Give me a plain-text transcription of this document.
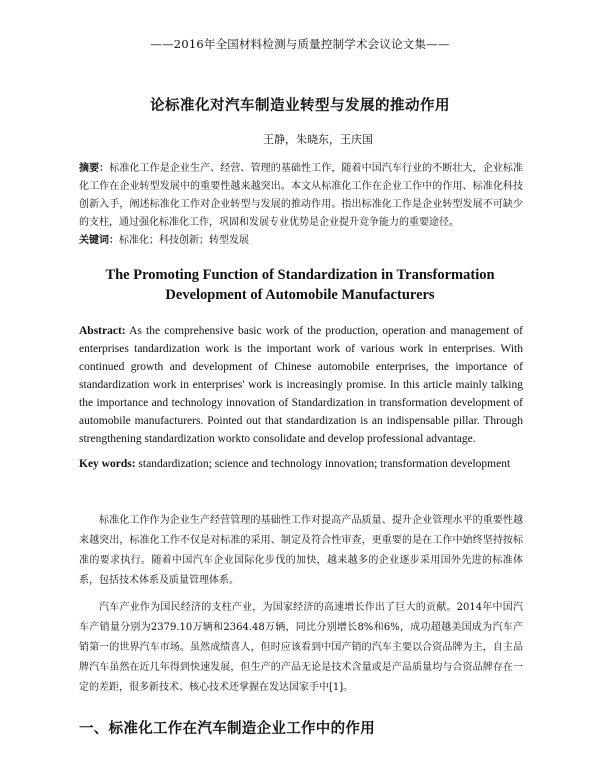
——2016年全国材料检测与质量控制学术会议论文集——
论标准化对汽车制造业转型与发展的推动作用
王静，朱晓东，王庆国
摘要：标准化工作是企业生产、经营、管理的基础性工作，随着中国汽车行业的不断壮大，企业标准化工作在企业转型发展中的重要性越来越突出。本文从标准化工作在企业工作中的作用、标准化科技创新入手，阐述标准化工作对企业转型与发展的推动作用。指出标准化工作是企业转型发展不可缺少的支柱，通过强化标准化工作，巩固和发展专业优势是企业提升竞争能力的重要途径。
关键词：标准化；科技创新；转型发展
The Promoting Function of Standardization in Transformation
Development of Automobile Manufacturers
Abstract: As the comprehensive basic work of the production, operation and management of enterprises tandardization work is the important work of various work in enterprises. With continued growth and development of Chinese automobile enterprises, the importance of standardization work in enterprises' work is increasingly promise. In this article mainly talking the importance and technology innovation of Standardization in transformation development of automobile manufacturers. Pointed out that standardization is an indispensable pillar. Through strengthening standardization workto consolidate and develop professional advantage.
Key words: standardization; science and technology innovation; transformation development
标准化工作作为企业生产经营管理的基础性工作对提高产品质量、提升企业管理水平的重要性越来越突出，标准化工作不仅是对标准的采用、制定及符合性审查，更重要的是在工作中始终坚持按标准的要求执行。随着中国汽车企业国际化步伐的加快，越来越多的企业逐步采用国外先进的标准体系，包括技术体系及质量管理体系。
汽车产业作为国民经济的支柱产业，为国家经济的高速增长作出了巨大的贡献。2014年中国汽车产销量分别为2379.10万辆和2364.48万辆，同比分别增长8%和6%，成功超越美国成为汽车产销第一的世界汽车市场。虽然成绩喜人，但时应该看到中国产销的汽车主要以合资品牌为主，自主品牌汽车虽然在近几年得到快速发展，但生产的产品无论是技术含量或是产品质量均与合资品牌存在一定的差距，很多新技术、核心技术还掌握在发达国家手中[1]。
一、标准化工作在汽车制造企业工作中的作用
